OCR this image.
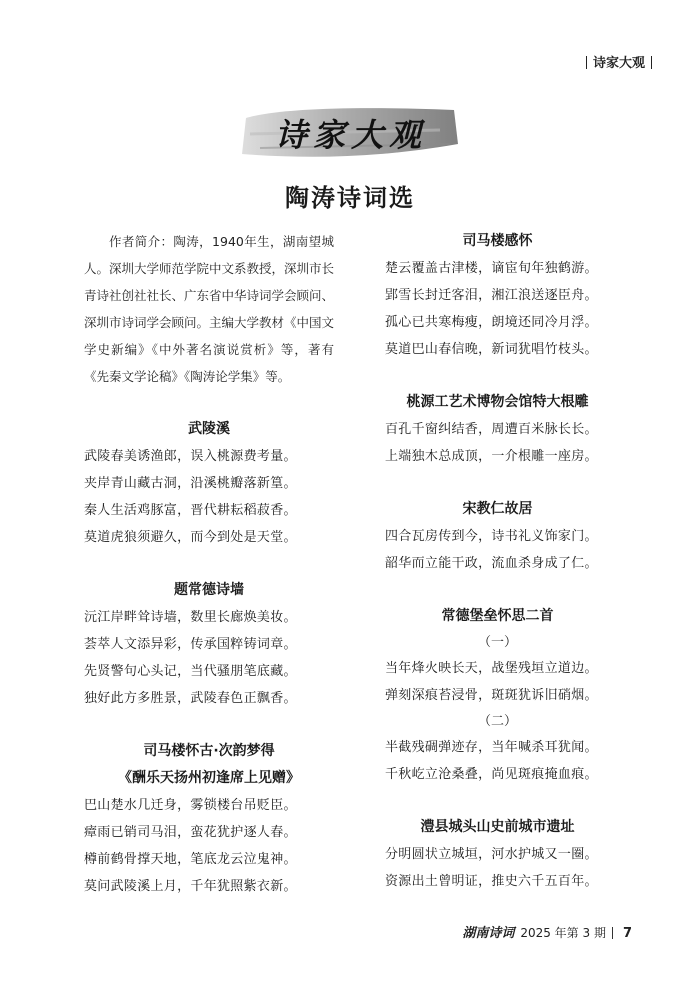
诗家大观
诗家大观
陶涛诗词选

作者简介：陶涛，1940年生，湖南望城人。深圳大学师范学院中文系教授，深圳市长青诗社创社社长、广东省中华诗词学会顾问、深圳市诗词学会顾问。主编大学教材《中国文学史新编》《中外著名演说赏析》等，著有《先秦文学论稿》《陶涛论学集》等。

武陵溪

武陵春美诱渔郎，误入桃源费考量。

夹岸青山藏古洞，沿溪桃瓣落新篁。

秦人生活鸡豚富，晋代耕耘稻菽香。

莫道虎狼须避久，而今到处是天堂。

题常德诗墙

沅江岸畔耸诗墙，数里长廊焕美妆。

荟萃人文添异彩，传承国粹铸词章。

先贤警句心头记，当代骚朋笔底藏。

独好此方多胜景，武陵春色正飘香。

司马楼怀古·次韵梦得

《酬乐天扬州初逢席上见赠》

巴山楚水几迁身，雾锁楼台吊贬臣。

瘴雨已销司马泪，蛮花犹护逐人春。

樽前鹤骨撑天地，笔底龙云泣鬼神。

莫问武陵溪上月，千年犹照紫衣新。

司马楼感怀

楚云覆盖古津楼，谪宦旬年独鹤游。

郢雪长封迁客泪，湘江浪送逐臣舟。

孤心已共寒梅瘦，朗境还同冷月浮。

莫道巴山春信晚，新词犹唱竹枝头。

桃源工艺术博物会馆特大根雕

百孔千窗纠结香，周遭百米脉长长。

上端独木总成顶，一介根雕一座房。

宋教仁故居

四合瓦房传到今，诗书礼义饰家门。

韶华而立能干政，流血杀身成了仁。

常德堡垒怀思二首

（一）

当年烽火映长天，战堡残垣立道边。

弹刻深痕苔浸骨，斑斑犹诉旧硝烟。

（二）

半截残碉弹迹存，当年喊杀耳犹闻。

千秋屹立沧桑叠，尚见斑痕掩血痕。

澧县城头山史前城市遗址

分明圆状立城垣，河水护城又一圈。

资源出土曾明证，推史六千五百年。

湖南诗词 2025 年第 3 期 7
